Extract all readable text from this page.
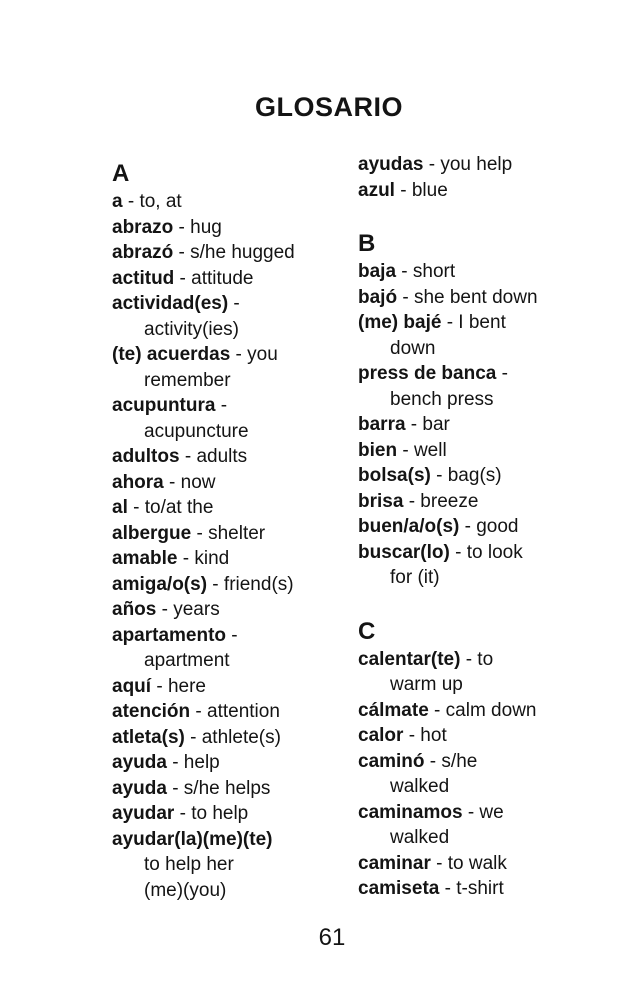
GLOSARIO
A
a - to, at
abrazo - hug
abrazó - s/he hugged
actitud - attitude
actividad(es) -
activity(ies)
(te) acuerdas - you
remember
acupuntura -
acupuncture
adultos - adults
ahora - now
al - to/at the
albergue - shelter
amable - kind
amiga/o(s) - friend(s)
años - years
apartamento -
apartment
aquí - here
atención - attention
atleta(s) - athlete(s)
ayuda - help
ayuda - s/he helps
ayudar - to help
ayudar(la)(me)(te)
to help her
(me)(you)
ayudas - you help
azul - blue
B
baja - short
bajó - she bent down
(me) bajé - I bent
down
press de banca -
bench press
barra - bar
bien - well
bolsa(s) - bag(s)
brisa - breeze
buen/a/o(s) - good
buscar(lo) - to look
for (it)
C
calentar(te) - to
warm up
cálmate - calm down
calor - hot
caminó - s/he
walked
caminamos - we
walked
caminar - to walk
camiseta - t-shirt
61
